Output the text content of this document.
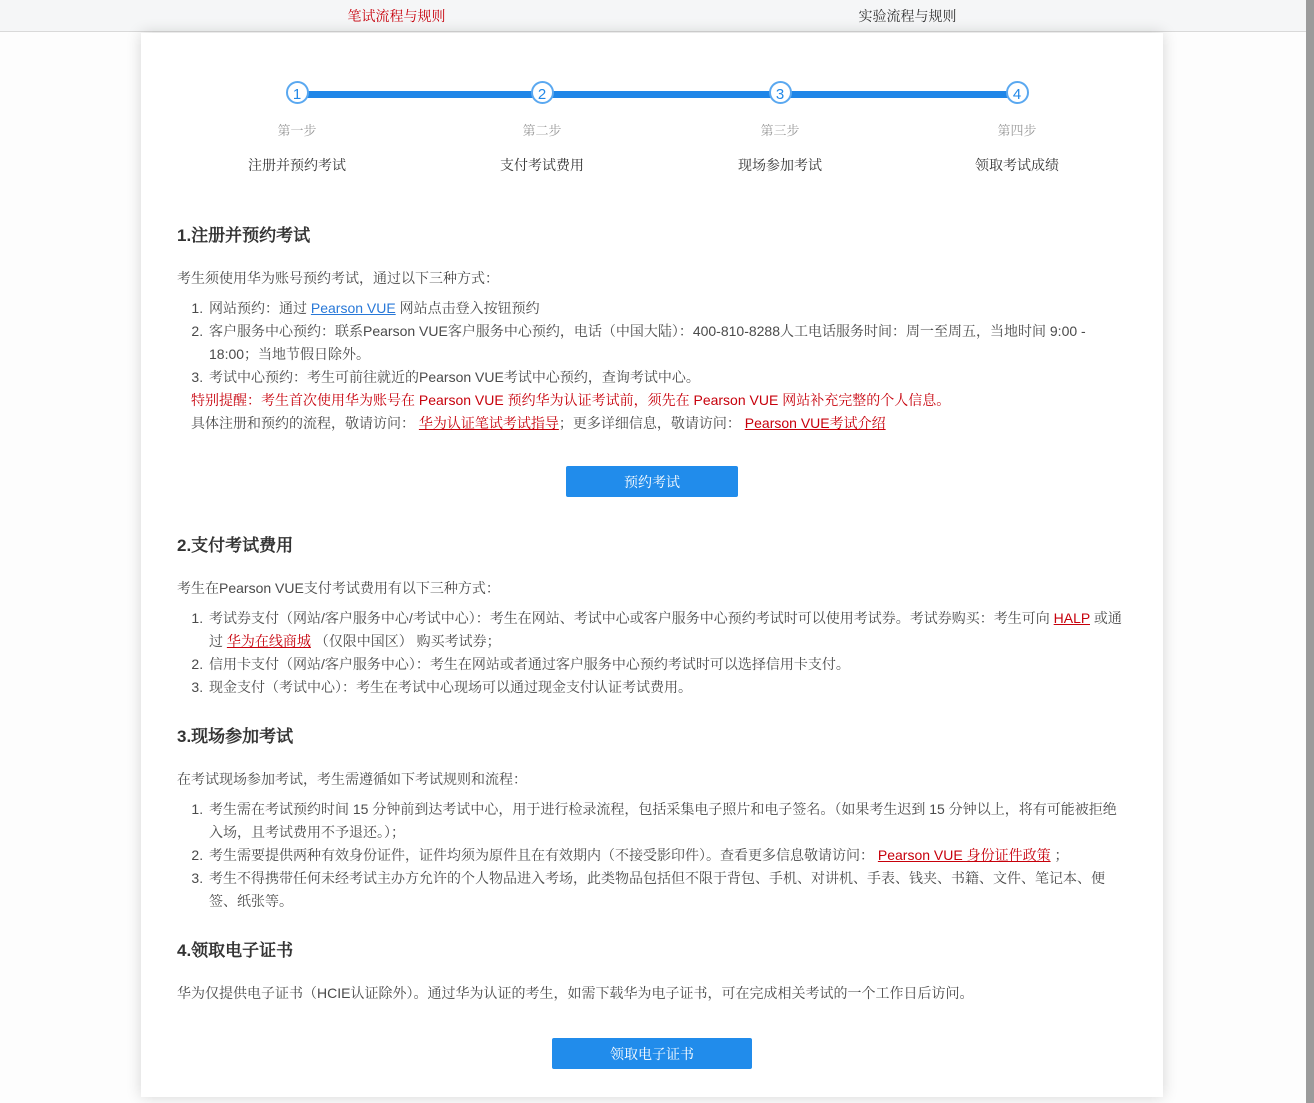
笔试流程与规则	实验流程与规则
1
第一步
注册并预约考试
2
第二步
支付考试费用
3
第三步
现场参加考试
4
第四步
领取考试成绩
1.注册并预约考试
考生须使用华为账号预约考试，通过以下三种方式：
1. 网站预约：通过 Pearson VUE 网站点击登入按钮预约
2. 客户服务中心预约：联系Pearson VUE客户服务中心预约，电话（中国大陆）：400-810-8288人工电话服务时间：周一至周五，当地时间 9:00 - 18:00；当地节假日除外。
3. 考试中心预约：考生可前往就近的Pearson VUE考试中心预约，查询考试中心。
特别提醒：考生首次使用华为账号在 Pearson VUE 预约华为认证考试前，须先在 Pearson VUE 网站补充完整的个人信息。
具体注册和预约的流程，敬请访问： 华为认证笔试考试指导；更多详细信息，敬请访问： Pearson VUE考试介绍
预约考试
2.支付考试费用
考生在Pearson VUE支付考试费用有以下三种方式：
1. 考试券支付（网站/客户服务中心/考试中心）：考生在网站、考试中心或客户服务中心预约考试时可以使用考试券。考试券购买：考生可向 HALP 或通过 华为在线商城 （仅限中国区） 购买考试券；
2. 信用卡支付（网站/客户服务中心）：考生在网站或者通过客户服务中心预约考试时可以选择信用卡支付。
3. 现金支付（考试中心）：考生在考试中心现场可以通过现金支付认证考试费用。
3.现场参加考试
在考试现场参加考试，考生需遵循如下考试规则和流程：
1. 考生需在考试预约时间 15 分钟前到达考试中心，用于进行检录流程，包括采集电子照片和电子签名。（如果考生迟到 15 分钟以上，将有可能被拒绝入场，且考试费用不予退还。）；
2. 考生需要提供两种有效身份证件，证件均须为原件且在有效期内（不接受影印件）。查看更多信息敬请访问： Pearson VUE 身份证件政策 ；
3. 考生不得携带任何未经考试主办方允许的个人物品进入考场，此类物品包括但不限于背包、手机、对讲机、手表、钱夹、书籍、文件、笔记本、便签、纸张等。
4.领取电子证书
华为仅提供电子证书（HCIE认证除外）。通过华为认证的考生，如需下载华为电子证书，可在完成相关考试的一个工作日后访问。
领取电子证书
